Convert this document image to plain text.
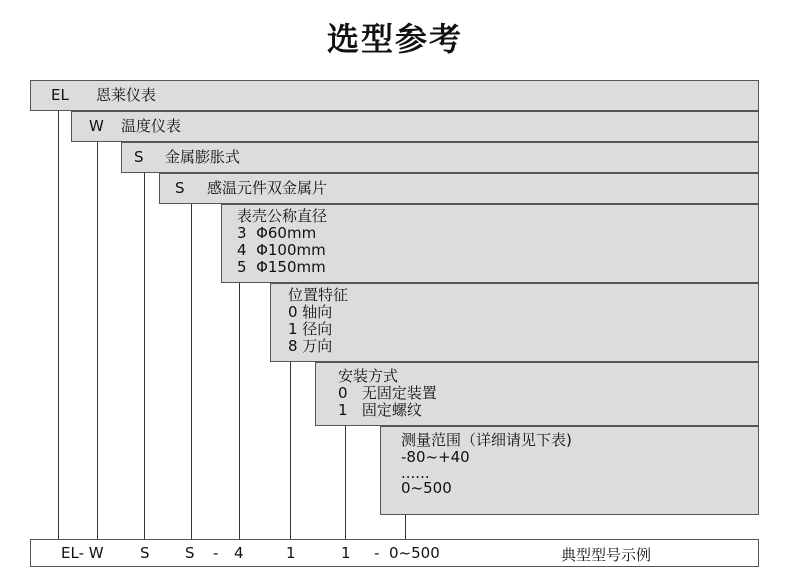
选型参考
EL	恩莱仪表
W	温度仪表
S	金属膨胀式
S	感温元件双金属片
表壳公称直径
3  Φ60mm
4  Φ100mm
5  Φ150mm
位置特征
0 轴向
1 径向
8 万向
安装方式
0   无固定装置
1   固定螺纹
测量范围（详细请见下表)
-80~+40
......
0~500
EL- W S S - 4	1	1 - 0~500	典型型号示例
